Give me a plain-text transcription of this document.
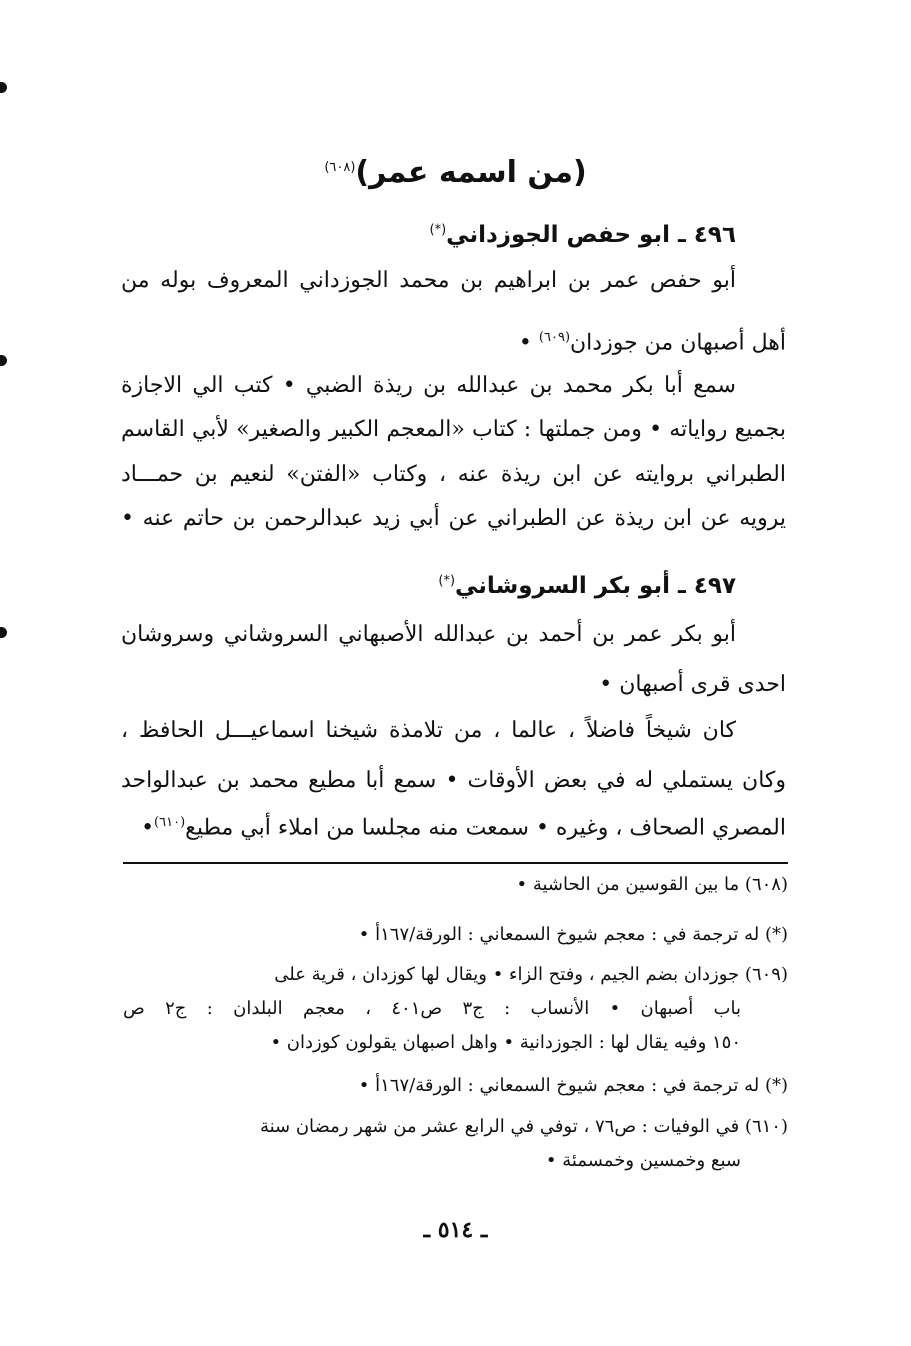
(من اسمه عمر)$^{(٦٠٨)}$
٤٩٦ ـ ابو حفص الجوزداني(*)
أبو حفص عمر بن ابراهيم بن محمد الجوزداني المعروف بوله من
أهل أصبهان من جوزدان$^{(٦٠٩)}$ •
سمع أبا بكر محمد بن عبدالله بن ريذة الضبي • كتب الي الاجازة
بجميع رواياته • ومن جملتها : كتاب «المعجم الكبير والصغير» لأبي القاسم
الطبراني بروايته عن ابن ريذة عنه ، وكتاب «الفتن» لنعيم بن حمـــاد
يرويه عن ابن ريذة عن الطبراني عن أبي زيد عبدالرحمن بن حاتم عنه •
٤٩٧ ـ أبو بكر السروشاني(*)
أبو بكر عمر بن أحمد بن عبدالله الأصبهاني السروشاني وسروشان
احدى قرى أصبهان •
كان شيخاً فاضلاً ، عالما ، من تلامذة شيخنا اسماعيـــل الحافظ ،
وكان يستملي له في بعض الأوقات • سمع أبا مطيع محمد بن عبدالواحد
المصري الصحاف ، وغيره • سمعت منه مجلسا من املاء أبي مطيع$^{(٦١٠)}$•
(٦٠٨) ما بين القوسين من الحاشية •
(*) له ترجمة في : معجم شيوخ السمعاني : الورقة/١٦٧أ •
(٦٠٩) جوزدان بضم الجيم ، وفتح الزاء • ويقال لها كوزدان ، قرية على
باب أصبهان • الأنساب : ج٣ ص٤٠١ ، معجم البلدان : ج٢ ص
١٥٠ وفيه يقال لها : الجوزدانية • واهل اصبهان يقولون كوزدان •
(*) له ترجمة في : معجم شيوخ السمعاني : الورقة/١٦٧أ •
(٦١٠) في الوفيات : ص٧٦ ، توفي في الرابع عشر من شهر رمضان سنة
سبع وخمسين وخمسمئة •
ـ ٥١٤ ـ
